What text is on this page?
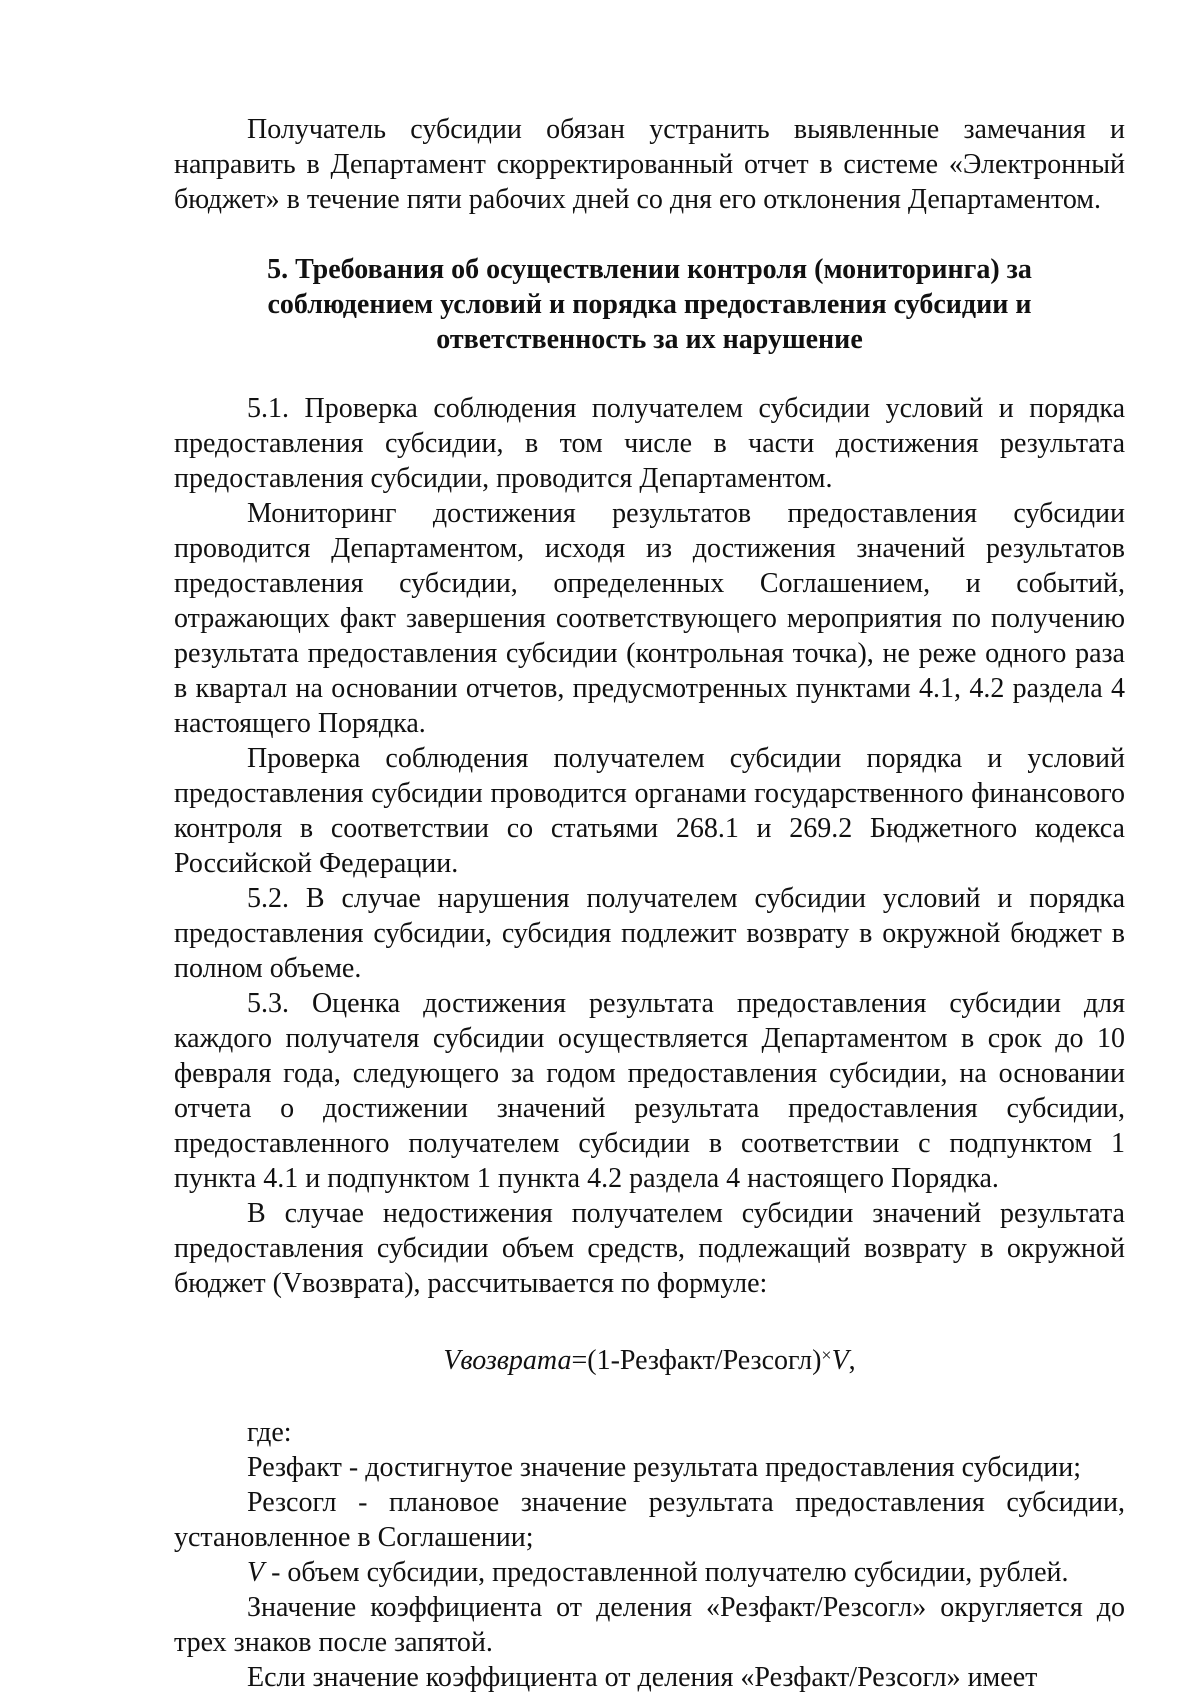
Получатель субсидии обязан устранить выявленные замечания и направить в Департамент скорректированный отчет в системе «Электронный бюджет» в течение пяти рабочих дней со дня его отклонения Департаментом.

5. Требования об осуществлении контроля (мониторинга) за соблюдением условий и порядка предоставления субсидии и ответственность за их нарушение

5.1. Проверка соблюдения получателем субсидии условий и порядка предоставления субсидии, в том числе в части достижения результата предоставления субсидии, проводится Департаментом.

Мониторинг достижения результатов предоставления субсидии проводится Департаментом, исходя из достижения значений результатов предоставления субсидии, определенных Соглашением, и событий, отражающих факт завершения соответствующего мероприятия по получению результата предоставления субсидии (контрольная точка), не реже одного раза в квартал на основании отчетов, предусмотренных пунктами 4.1, 4.2 раздела 4 настоящего Порядка.

Проверка соблюдения получателем субсидии порядка и условий предоставления субсидии проводится органами государственного финансового контроля в соответствии со статьями 268.1 и 269.2 Бюджетного кодекса Российской Федерации.

5.2. В случае нарушения получателем субсидии условий и порядка предоставления субсидии, субсидия подлежит возврату в окружной бюджет в полном объеме.

5.3. Оценка достижения результата предоставления субсидии для каждого получателя субсидии осуществляется Департаментом в срок до 10 февраля года, следующего за годом предоставления субсидии, на основании отчета о достижении значений результата предоставления субсидии, предоставленного получателем субсидии в соответствии с подпунктом 1 пункта 4.1 и подпунктом 1 пункта 4.2 раздела 4 настоящего Порядка.

В случае недостижения получателем субсидии значений результата предоставления субсидии объем средств, подлежащий возврату в окружной бюджет (Vвозврата), рассчитывается по формуле:

Vвозврата=(1-Резфакт/Резсогл)×V,

где:

Резфакт - достигнутое значение результата предоставления субсидии;

Резсогл - плановое значение результата предоставления субсидии, установленное в Соглашении;

V - объем субсидии, предоставленной получателю субсидии, рублей.

Значение коэффициента от деления «Резфакт/Резсогл» округляется до трех знаков после запятой.

Если значение коэффициента от деления «Резфакт/Резсогл» имеет
